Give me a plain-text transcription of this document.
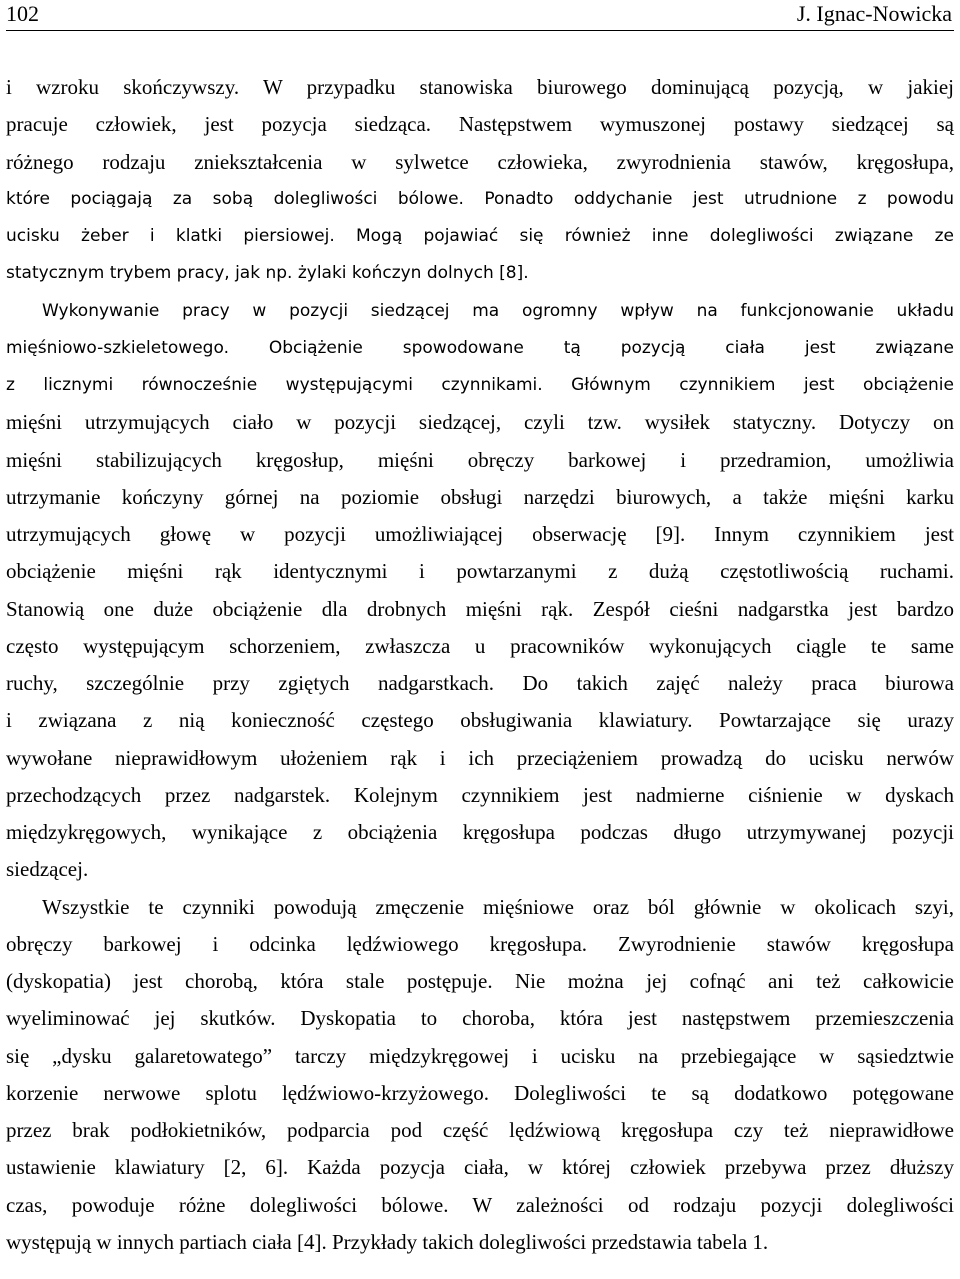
102	J. Ignac-Nowicka
i wzroku skończywszy. W przypadku stanowiska biurowego dominującą pozycją, w jakiej
pracuje człowiek, jest pozycja siedząca. Następstwem wymuszonej postawy siedzącej są
różnego rodzaju zniekształcenia w sylwetce człowieka, zwyrodnienia stawów, kręgosłupa,
które pociągają za sobą dolegliwości bólowe. Ponadto oddychanie jest utrudnione z powodu
ucisku żeber i klatki piersiowej. Mogą pojawiać się również inne dolegliwości związane ze
statycznym trybem pracy, jak np. żylaki kończyn dolnych [8].
Wykonywanie pracy w pozycji siedzącej ma ogromny wpływ na funkcjonowanie układu
mięśniowo-szkieletowego. Obciążenie spowodowane tą pozycją ciała jest związane
z licznymi równocześnie występującymi czynnikami. Głównym czynnikiem jest obciążenie
mięśni utrzymujących ciało w pozycji siedzącej, czyli tzw. wysiłek statyczny. Dotyczy on
mięśni stabilizujących kręgosłup, mięśni obręczy barkowej i przedramion, umożliwia
utrzymanie kończyny górnej na poziomie obsługi narzędzi biurowych, a także mięśni karku
utrzymujących głowę w pozycji umożliwiającej obserwację [9]. Innym czynnikiem jest
obciążenie mięśni rąk identycznymi i powtarzanymi z dużą częstotliwością ruchami.
Stanowią one duże obciążenie dla drobnych mięśni rąk. Zespół cieśni nadgarstka jest bardzo
często występującym schorzeniem, zwłaszcza u pracowników wykonujących ciągle te same
ruchy, szczególnie przy zgiętych nadgarstkach. Do takich zajęć należy praca biurowa
i związana z nią konieczność częstego obsługiwania klawiatury. Powtarzające się urazy
wywołane nieprawidłowym ułożeniem rąk i ich przeciążeniem prowadzą do ucisku nerwów
przechodzących przez nadgarstek. Kolejnym czynnikiem jest nadmierne ciśnienie w dyskach
międzykręgowych, wynikające z obciążenia kręgosłupa podczas długo utrzymywanej pozycji
siedzącej.
Wszystkie te czynniki powodują zmęczenie mięśniowe oraz ból głównie w okolicach szyi,
obręczy barkowej i odcinka lędźwiowego kręgosłupa. Zwyrodnienie stawów kręgosłupa
(dyskopatia) jest chorobą, która stale postępuje. Nie można jej cofnąć ani też całkowicie
wyeliminować jej skutków. Dyskopatia to choroba, która jest następstwem przemieszczenia
się „dysku galaretowatego” tarczy międzykręgowej i ucisku na przebiegające w sąsiedztwie
korzenie nerwowe splotu lędźwiowo-krzyżowego. Dolegliwości te są dodatkowo potęgowane
przez brak podłokietników, podparcia pod część lędźwiową kręgosłupa czy też nieprawidłowe
ustawienie klawiatury [2, 6]. Każda pozycja ciała, w której człowiek przebywa przez dłuższy
czas, powoduje różne dolegliwości bólowe. W zależności od rodzaju pozycji dolegliwości
występują w innych partiach ciała [4]. Przykłady takich dolegliwości przedstawia tabela 1.
